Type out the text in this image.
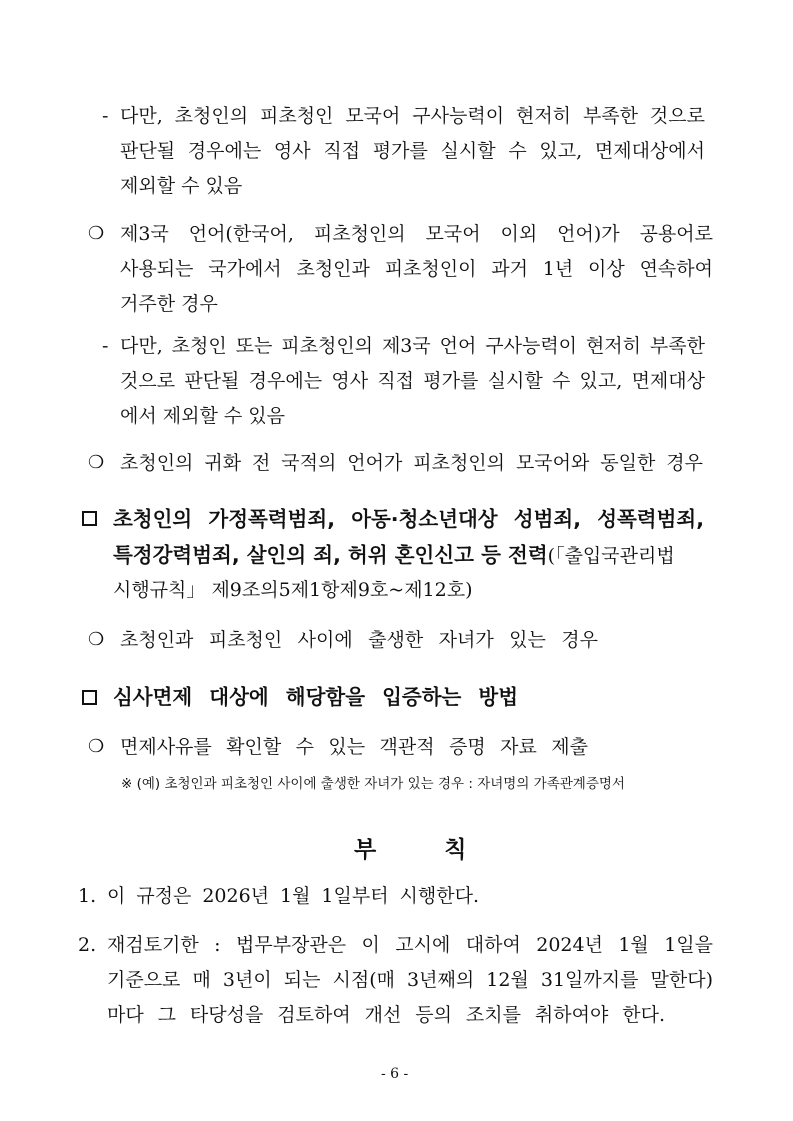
- 다만, 초청인의 피초청인 모국어 구사능력이 현저히 부족한 것으로
판단될 경우에는 영사 직접 평가를 실시할 수 있고, 면제대상에서
제외할 수 있음
❍ 제3국 언어(한국어, 피초청인의 모국어 이외 언어)가 공용어로
사용되는 국가에서 초청인과 피초청인이 과거 1년 이상 연속하여
거주한 경우
- 다만, 초청인 또는 피초청인의 제3국 언어 구사능력이 현저히 부족한
것으로 판단될 경우에는 영사 직접 평가를 실시할 수 있고, 면제대상
에서 제외할 수 있음
❍ 초청인의 귀화 전 국적의 언어가 피초청인의 모국어와 동일한 경우
초청인의 가정폭력범죄, 아동·청소년대상 성범죄, 성폭력범죄,
특정강력범죄, 살인의 죄, 허위 혼인신고 등 전력(「출입국관리법
시행규칙」 제9조의5제1항제9호~제12호)
❍ 초청인과 피초청인 사이에 출생한 자녀가 있는 경우
심사면제 대상에 해당함을 입증하는 방법
❍ 면제사유를 확인할 수 있는 객관적 증명 자료 제출
※ (예) 초청인과 피초청인 사이에 출생한 자녀가 있는 경우 : 자녀명의 가족관계증명서
부 칙
1. 이 규정은 2026년 1월 1일부터 시행한다.
2. 재검토기한 : 법무부장관은 이 고시에 대하여 2024년 1월 1일을
기준으로 매 3년이 되는 시점(매 3년째의 12월 31일까지를 말한다)
마다 그 타당성을 검토하여 개선 등의 조치를 취하여야 한다.
- 6 -
